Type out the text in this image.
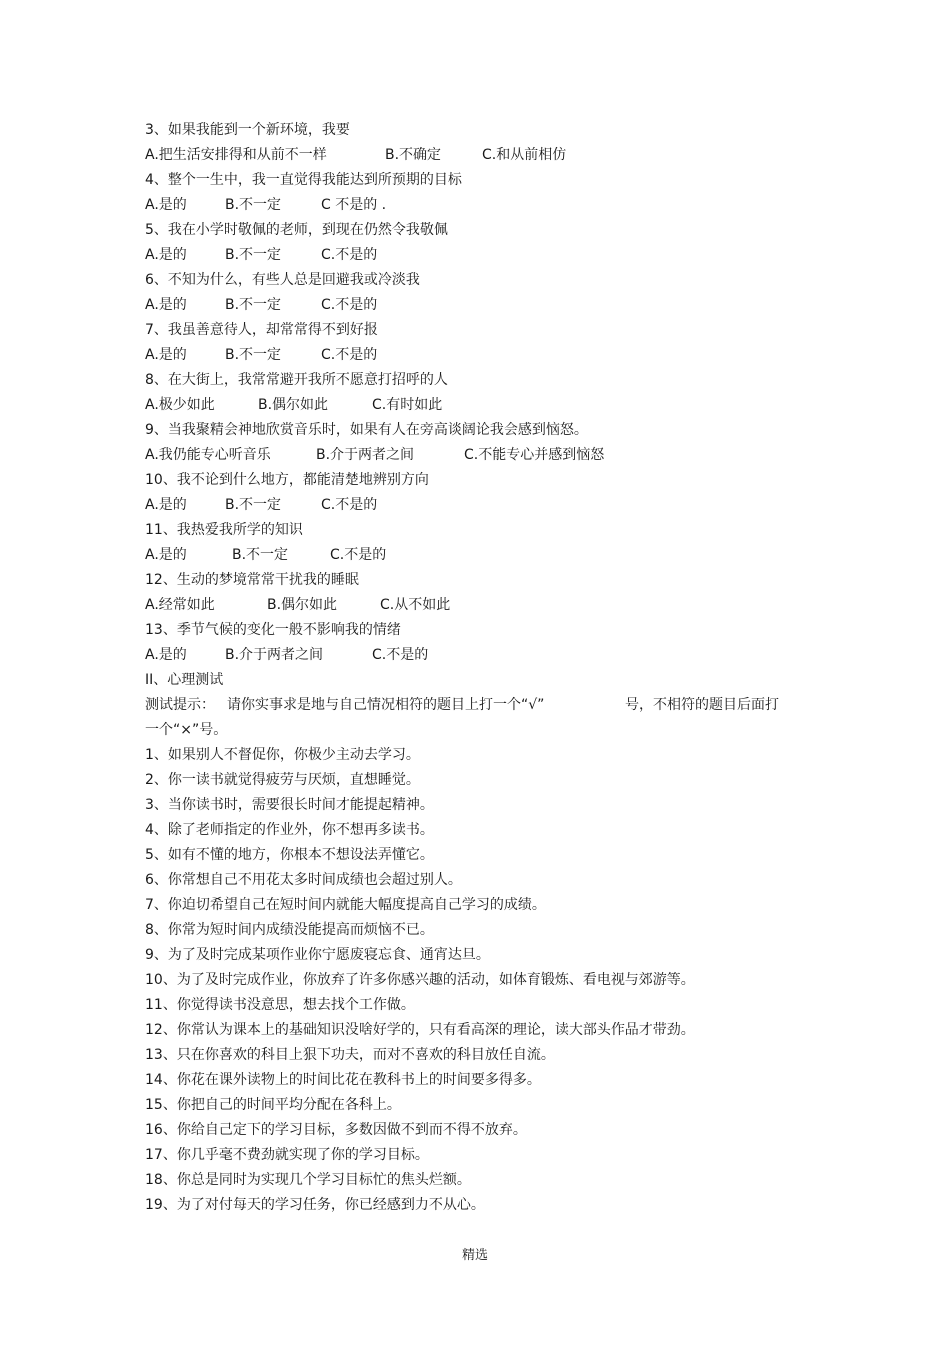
3、如果我能到一个新环境，我要
A.把生活安排得和从前不一样	B.不确定	C.和从前相仿
4、整个一生中，我一直觉得我能达到所预期的目标
A.是的	B.不一定	C 不是的 .
5、我在小学时敬佩的老师，到现在仍然令我敬佩
A.是的	B.不一定	C.不是的
6、不知为什么，有些人总是回避我或冷淡我
A.是的	B.不一定	C.不是的
7、我虽善意待人，却常常得不到好报
A.是的	B.不一定	C.不是的
8、在大街上，我常常避开我所不愿意打招呼的人
A.极少如此	B.偶尔如此	C.有时如此
9、当我聚精会神地欣赏音乐时，如果有人在旁高谈阔论我会感到恼怒。
A.我仍能专心听音乐	B.介于两者之间	C.不能专心并感到恼怒
10、我不论到什么地方，都能清楚地辨别方向
A.是的	B.不一定	C.不是的
11、我热爱我所学的知识
A.是的	B.不一定	C.不是的
12、生动的梦境常常干扰我的睡眠
A.经常如此	B.偶尔如此	C.从不如此
13、季节气候的变化一般不影响我的情绪
A.是的	B.介于两者之间	C.不是的
II、心理测试
测试提示： 请你实事求是地与自己情况相符的题目上打一个“√”	号，不相符的题目后面打
一个“×”号。
1、如果别人不督促你，你极少主动去学习。
2、你一读书就觉得疲劳与厌烦，直想睡觉。
3、当你读书时，需要很长时间才能提起精神。
4、除了老师指定的作业外，你不想再多读书。
5、如有不懂的地方，你根本不想设法弄懂它。
6、你常想自己不用花太多时间成绩也会超过别人。
7、你迫切希望自己在短时间内就能大幅度提高自己学习的成绩。
8、你常为短时间内成绩没能提高而烦恼不已。
9、为了及时完成某项作业你宁愿废寝忘食、通宵达旦。
10、为了及时完成作业，你放弃了许多你感兴趣的活动，如体育锻炼、看电视与郊游等。
11、你觉得读书没意思，想去找个工作做。
12、你常认为课本上的基础知识没啥好学的，只有看高深的理论，读大部头作品才带劲。
13、只在你喜欢的科目上狠下功夫，而对不喜欢的科目放任自流。
14、你花在课外读物上的时间比花在教科书上的时间要多得多。
15、你把自己的时间平均分配在各科上。
16、你给自己定下的学习目标，多数因做不到而不得不放弃。
17、你几乎毫不费劲就实现了你的学习目标。
18、你总是同时为实现几个学习目标忙的焦头烂额。
19、为了对付每天的学习任务，你已经感到力不从心。
精选
